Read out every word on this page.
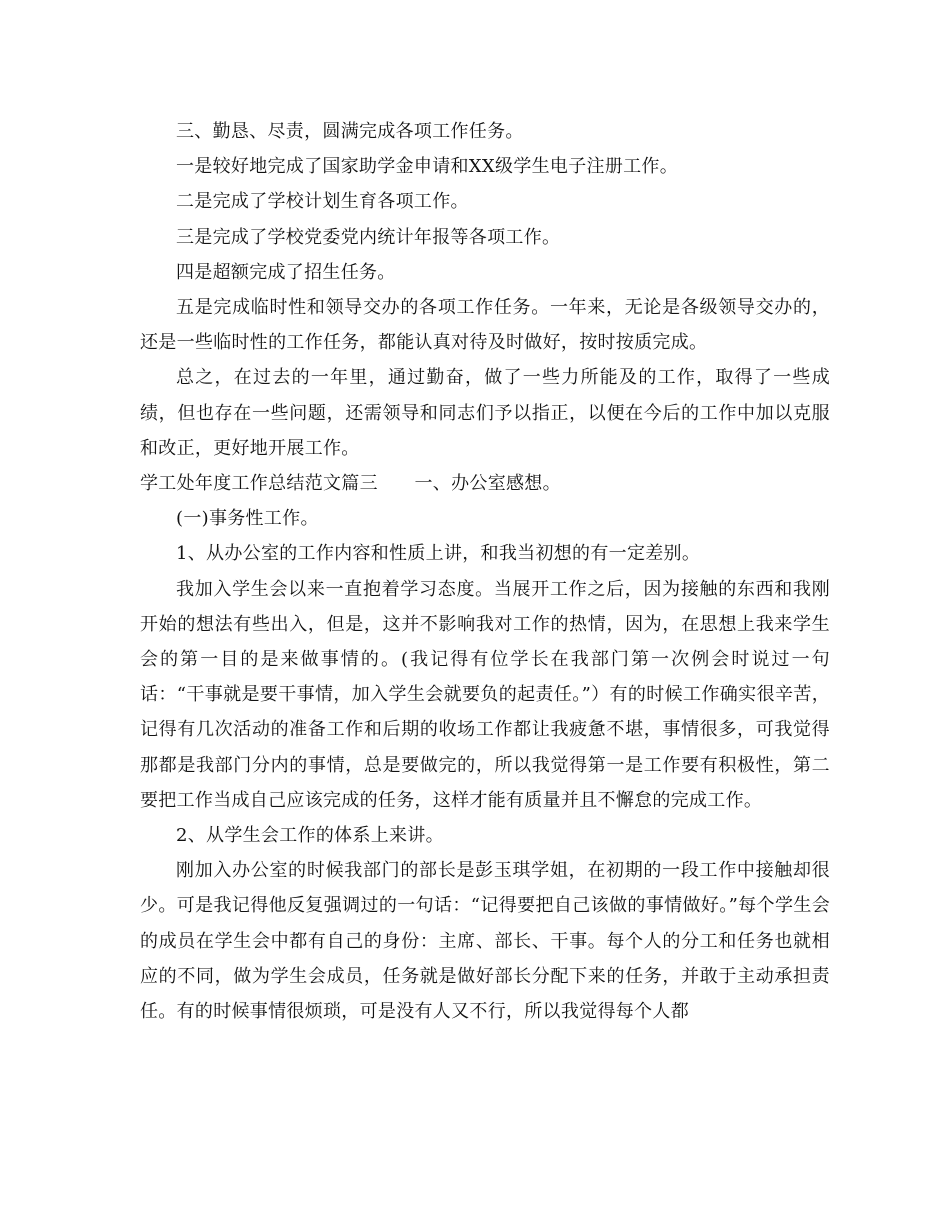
三、勤恳、尽责，圆满完成各项工作任务。

一是较好地完成了国家助学金申请和XX级学生电子注册工作。

二是完成了学校计划生育各项工作。

三是完成了学校党委党内统计年报等各项工作。

四是超额完成了招生任务。

五是完成临时性和领导交办的各项工作任务。一年来，无论是各级领导交办的，还是一些临时性的工作任务，都能认真对待及时做好，按时按质完成。

总之，在过去的一年里，通过勤奋，做了一些力所能及的工作，取得了一些成绩，但也存在一些问题，还需领导和同志们予以指正，以便在今后的工作中加以克服和改正，更好地开展工作。

学工处年度工作总结范文篇三　　一、办公室感想。

(一)事务性工作。

1、从办公室的工作内容和性质上讲，和我当初想的有一定差别。

我加入学生会以来一直抱着学习态度。当展开工作之后，因为接触的东西和我刚开始的想法有些出入，但是，这并不影响我对工作的热情，因为，在思想上我来学生会的第一目的是来做事情的。(我记得有位学长在我部门第一次例会时说过一句话：“干事就是要干事情，加入学生会就要负的起责任。”）有的时候工作确实很辛苦，记得有几次活动的准备工作和后期的收场工作都让我疲惫不堪，事情很多，可我觉得那都是我部门分内的事情，总是要做完的，所以我觉得第一是工作要有积极性，第二要把工作当成自己应该完成的任务，这样才能有质量并且不懈怠的完成工作。

2、从学生会工作的体系上来讲。

刚加入办公室的时候我部门的部长是彭玉琪学姐，在初期的一段工作中接触却很少。可是我记得他反复强调过的一句话：“记得要把自己该做的事情做好。”每个学生会的成员在学生会中都有自己的身份：主席、部长、干事。每个人的分工和任务也就相应的不同，做为学生会成员，任务就是做好部长分配下来的任务，并敢于主动承担责任。有的时候事情很烦琐，可是没有人又不行，所以我觉得每个人都
